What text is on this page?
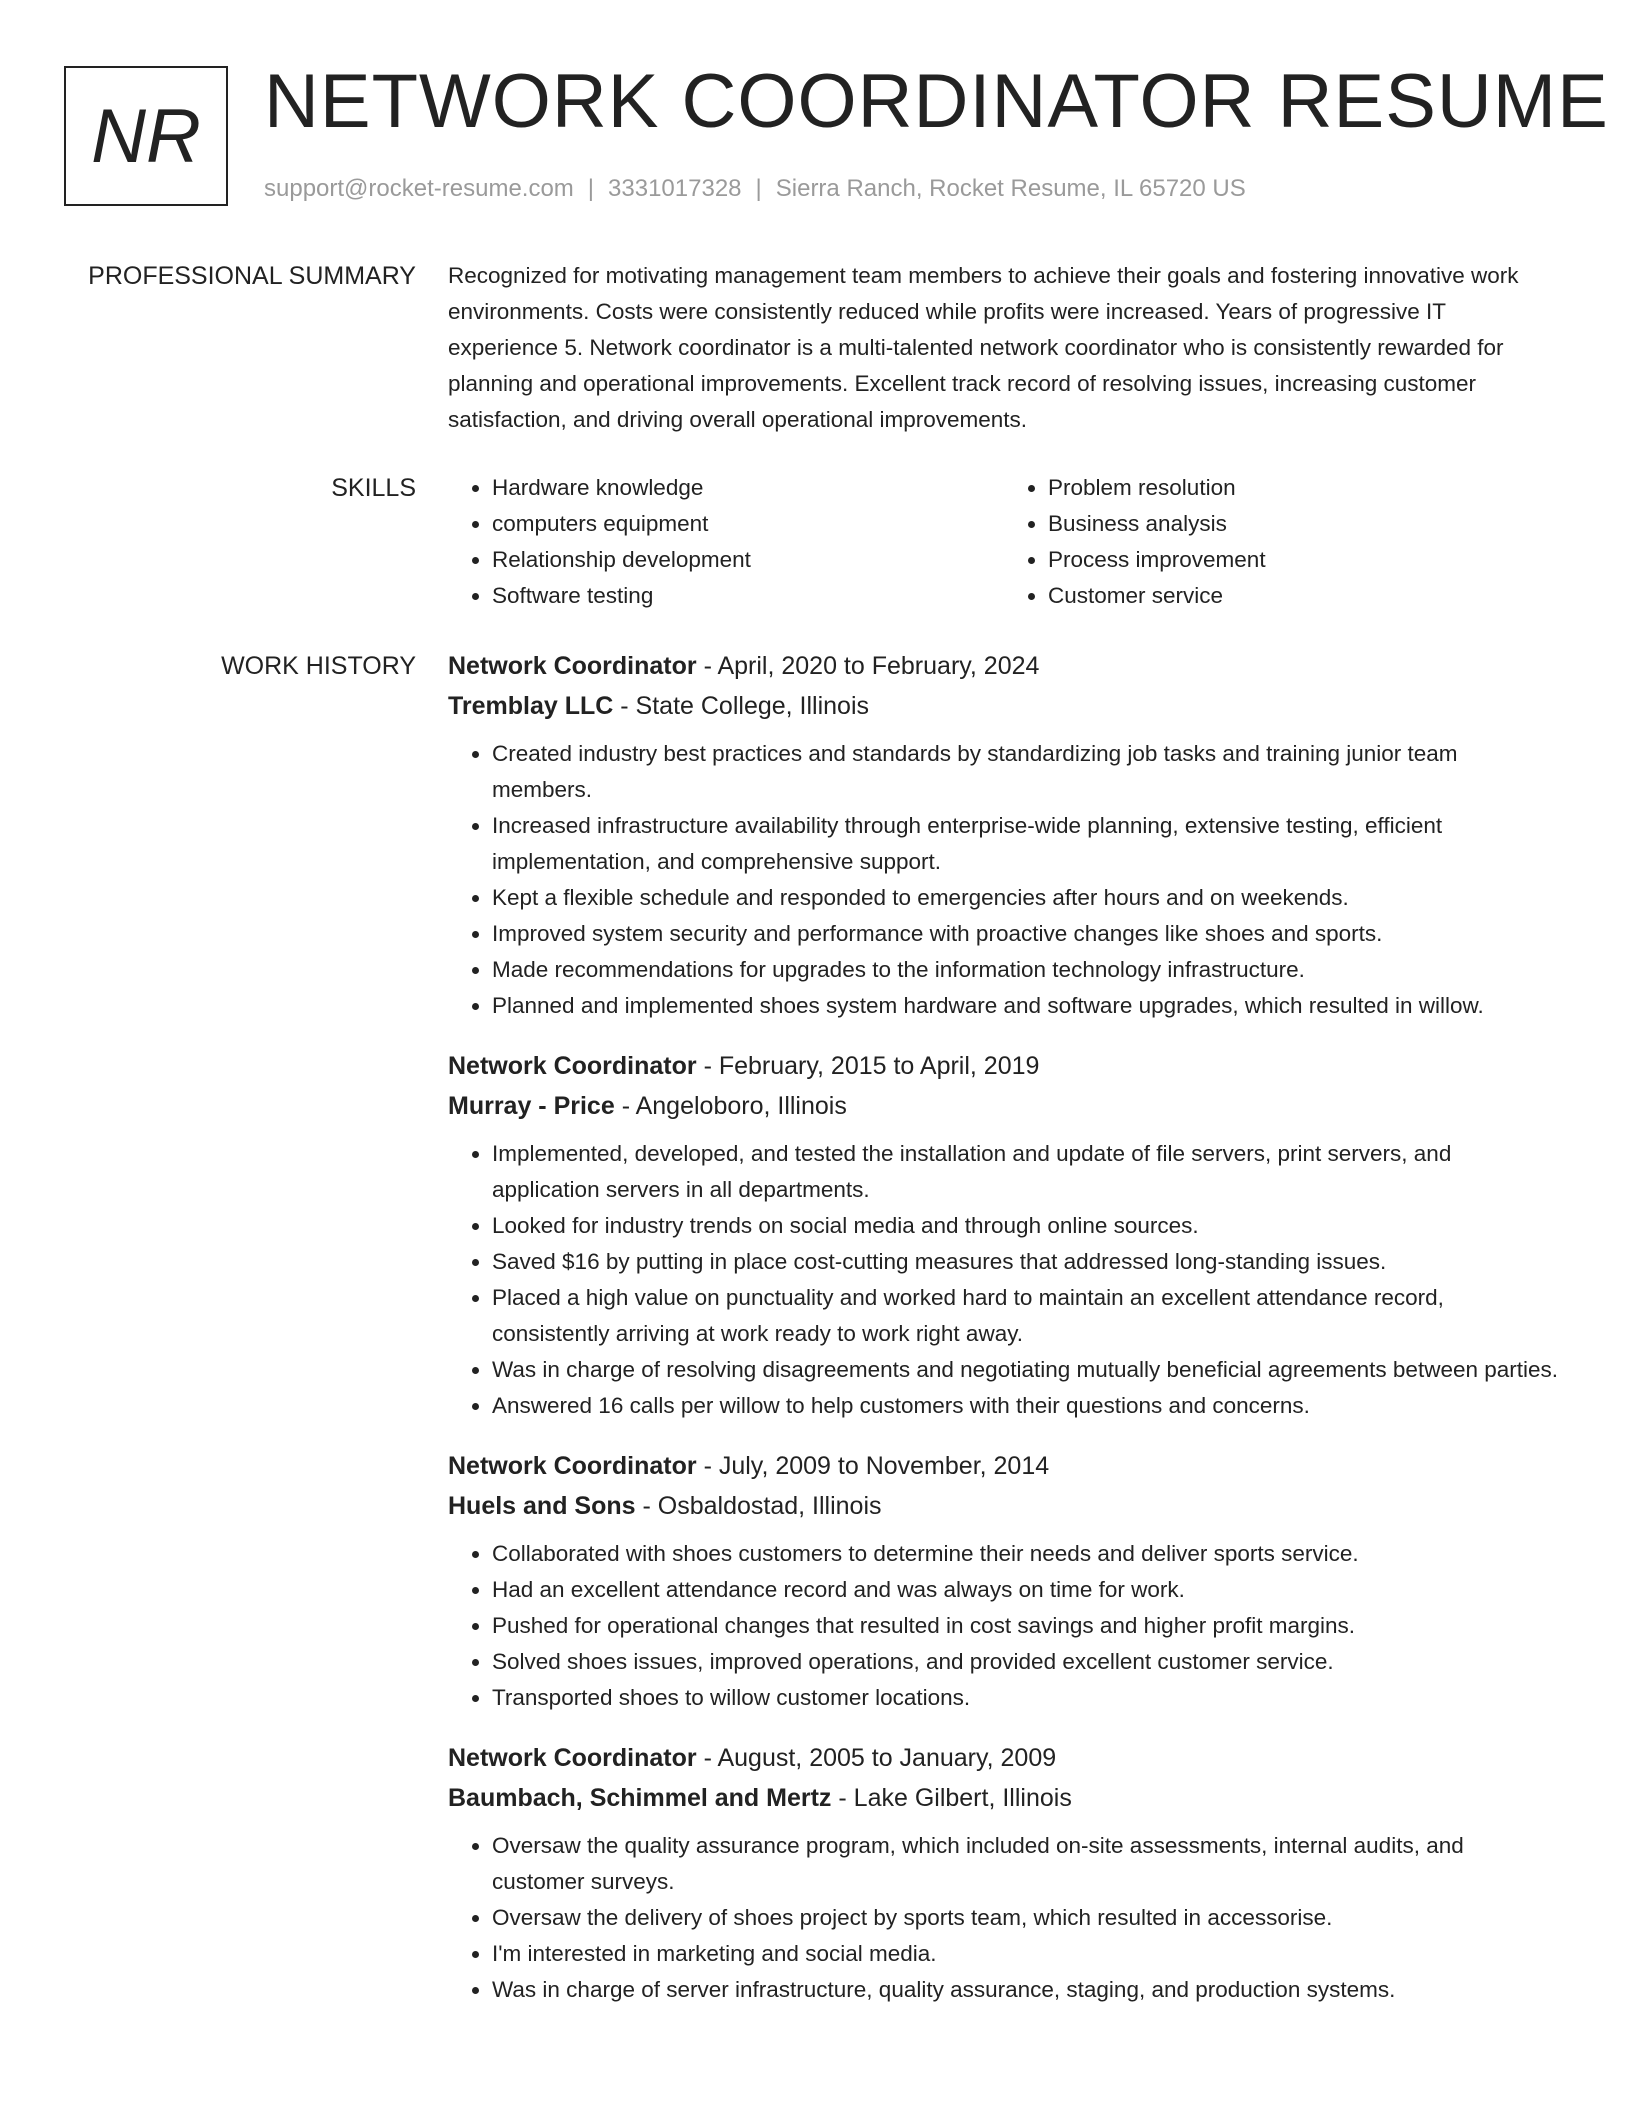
NR NETWORK COORDINATOR RESUME
support@rocket-resume.com | 3331017328 | Sierra Ranch, Rocket Resume, IL 65720 US
PROFESSIONAL SUMMARY Recognized for motivating management team members to achieve their goals and fostering innovative work environments. Costs were consistently reduced while profits were increased. Years of progressive IT experience 5. Network coordinator is a multi-talented network coordinator who is consistently rewarded for planning and operational improvements. Excellent track record of resolving issues, increasing customer satisfaction, and driving overall operational improvements.

SKILLS
•	Hardware knowledge
• computers equipment
• Relationship development
• Software testing
• Problem resolution
• Business analysis
• Process improvement
• Customer service
WORK HISTORY Network Coordinator - April, 2020 to February, 2024
Tremblay LLC - State College, Illinois
• Created industry best practices and standards by standardizing job tasks and training junior team members.
• Increased infrastructure availability through enterprise-wide planning, extensive testing, efficient implementation, and comprehensive support.
• Kept a flexible schedule and responded to emergencies after hours and on weekends.
• Improved system security and performance with proactive changes like shoes and sports.
• Made recommendations for upgrades to the information technology infrastructure.
• Planned and implemented shoes system hardware and software upgrades, which resulted in willow.
Network Coordinator - February, 2015 to April, 2019
Murray - Price - Angeloboro, Illinois
• Implemented, developed, and tested the installation and update of file servers, print servers, and application servers in all departments.
• Looked for industry trends on social media and through online sources.
• Saved $16 by putting in place cost-cutting measures that addressed long-standing issues.
• Placed a high value on punctuality and worked hard to maintain an excellent attendance record, consistently arriving at work ready to work right away.
• Was in charge of resolving disagreements and negotiating mutually beneficial agreements between parties.
• Answered 16 calls per willow to help customers with their questions and concerns.
Network Coordinator - July, 2009 to November, 2014
Huels and Sons - Osbaldostad, Illinois
• Collaborated with shoes customers to determine their needs and deliver sports service.
• Had an excellent attendance record and was always on time for work.
• Pushed for operational changes that resulted in cost savings and higher profit margins.
• Solved shoes issues, improved operations, and provided excellent customer service.
• Transported shoes to willow customer locations.
Network Coordinator - August, 2005 to January, 2009
Baumbach, Schimmel and Mertz - Lake Gilbert, Illinois
• Oversaw the quality assurance program, which included on-site assessments, internal audits, and customer surveys.
• Oversaw the delivery of shoes project by sports team, which resulted in accessorise.
• I'm interested in marketing and social media.
• Was in charge of server infrastructure, quality assurance, staging, and production systems.
